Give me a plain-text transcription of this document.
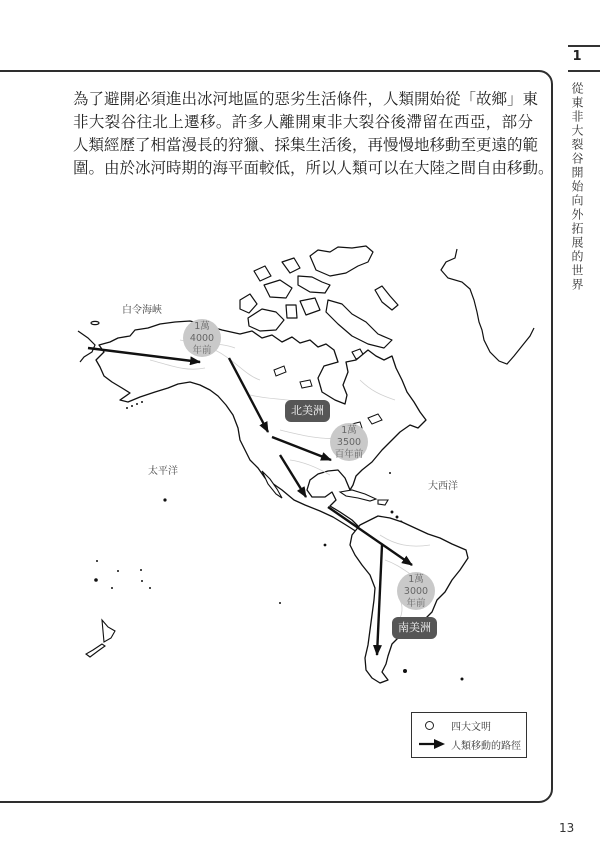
1
從東非大裂谷開始向外拓展的世界
為了避開必須進出冰河地區的惡劣生活條件，人類開始從「故鄉」東
非大裂谷往北上遷移。許多人離開東非大裂谷後滯留在西亞，部分
人類經歷了相當漫長的狩獵、採集生活後，再慢慢地移動至更遠的範
圍。由於冰河時期的海平面較低，所以人類可以在大陸之間自由移動。
1萬
4000
年前
1萬
3500
百年前
1萬
3000
年前
白令海峽
太平洋
大西洋
北美洲
南美洲
四大文明
人類移動的路徑
13
